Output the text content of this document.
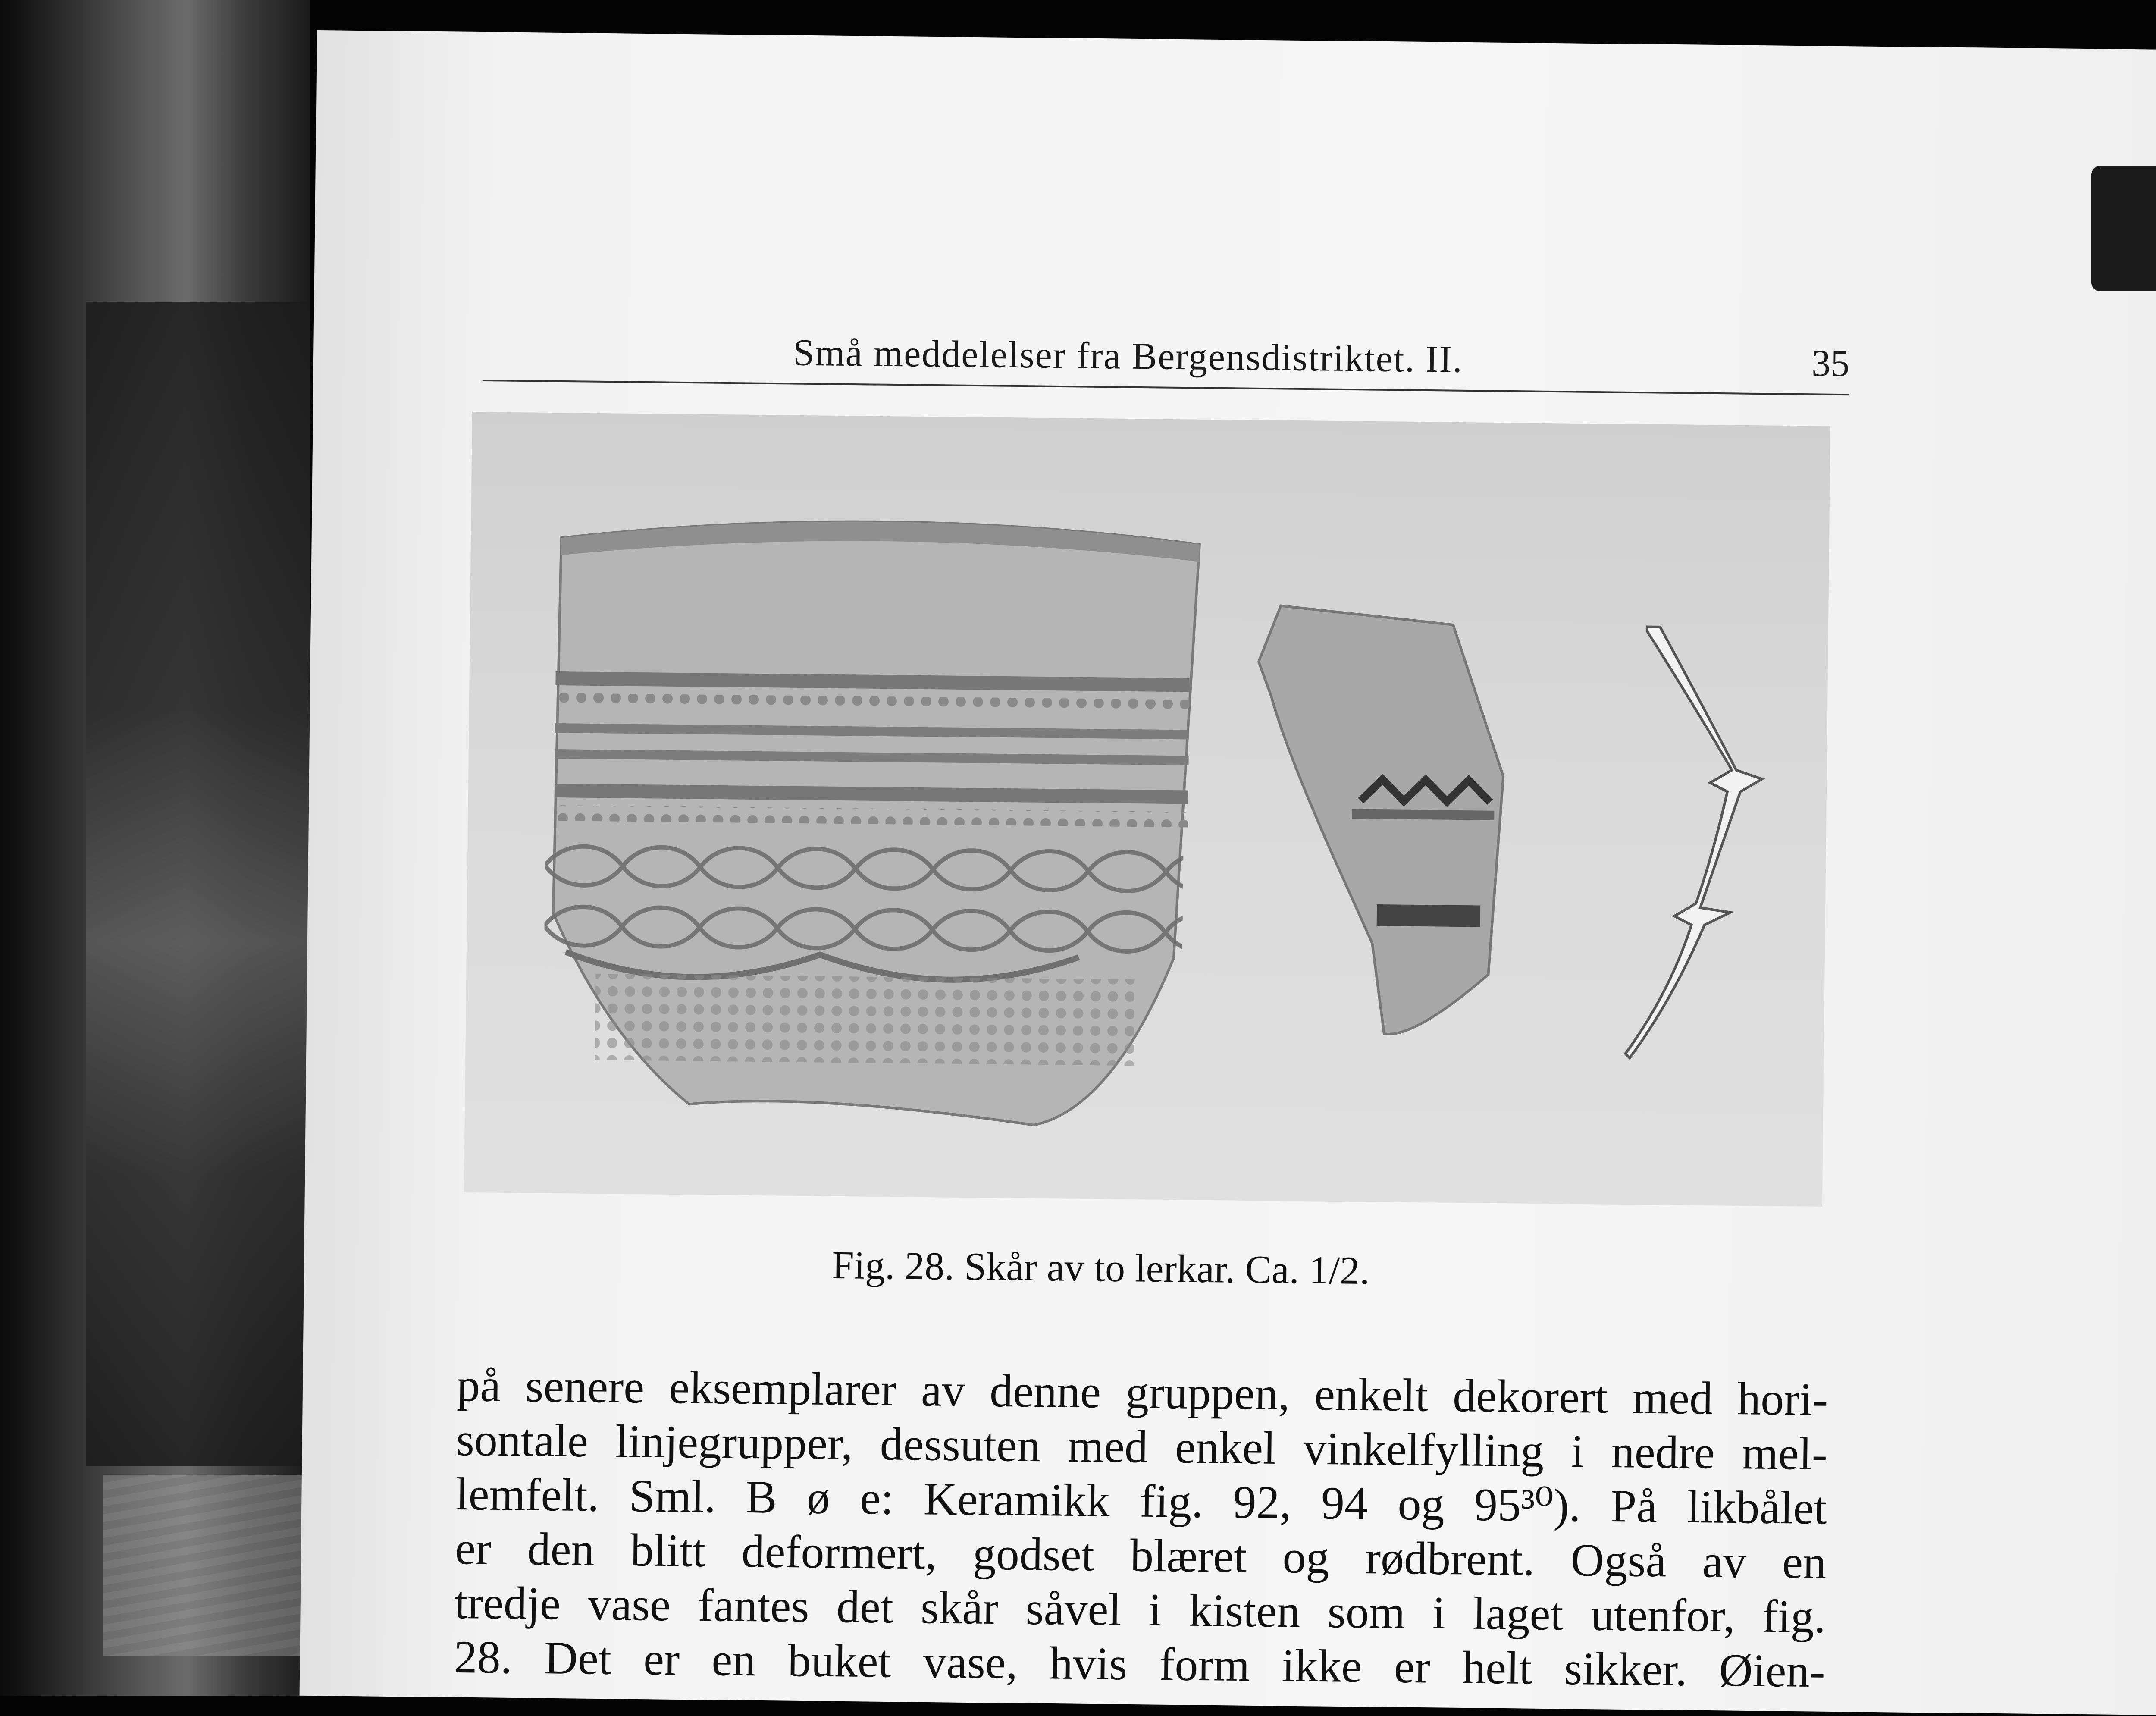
Små meddelelser fra Bergensdistriktet. II.	35
Fig. 28. Skår av to lerkar. Ca. 1/2.
på senere eksemplarer av denne gruppen, enkelt dekorert med hori-
sontale linjegrupper, dessuten med enkel vinkelfylling i nedre mel-
lemfelt. Sml. B ø e: Keramikk fig. 92, 94 og 95³⁰). På likbålet
er den blitt deformert, godset blæret og rødbrent. Også av en
tredje vase fantes det skår såvel i kisten som i laget utenfor, fig.
28. Det er en buket vase, hvis form ikke er helt sikker. Øien-
